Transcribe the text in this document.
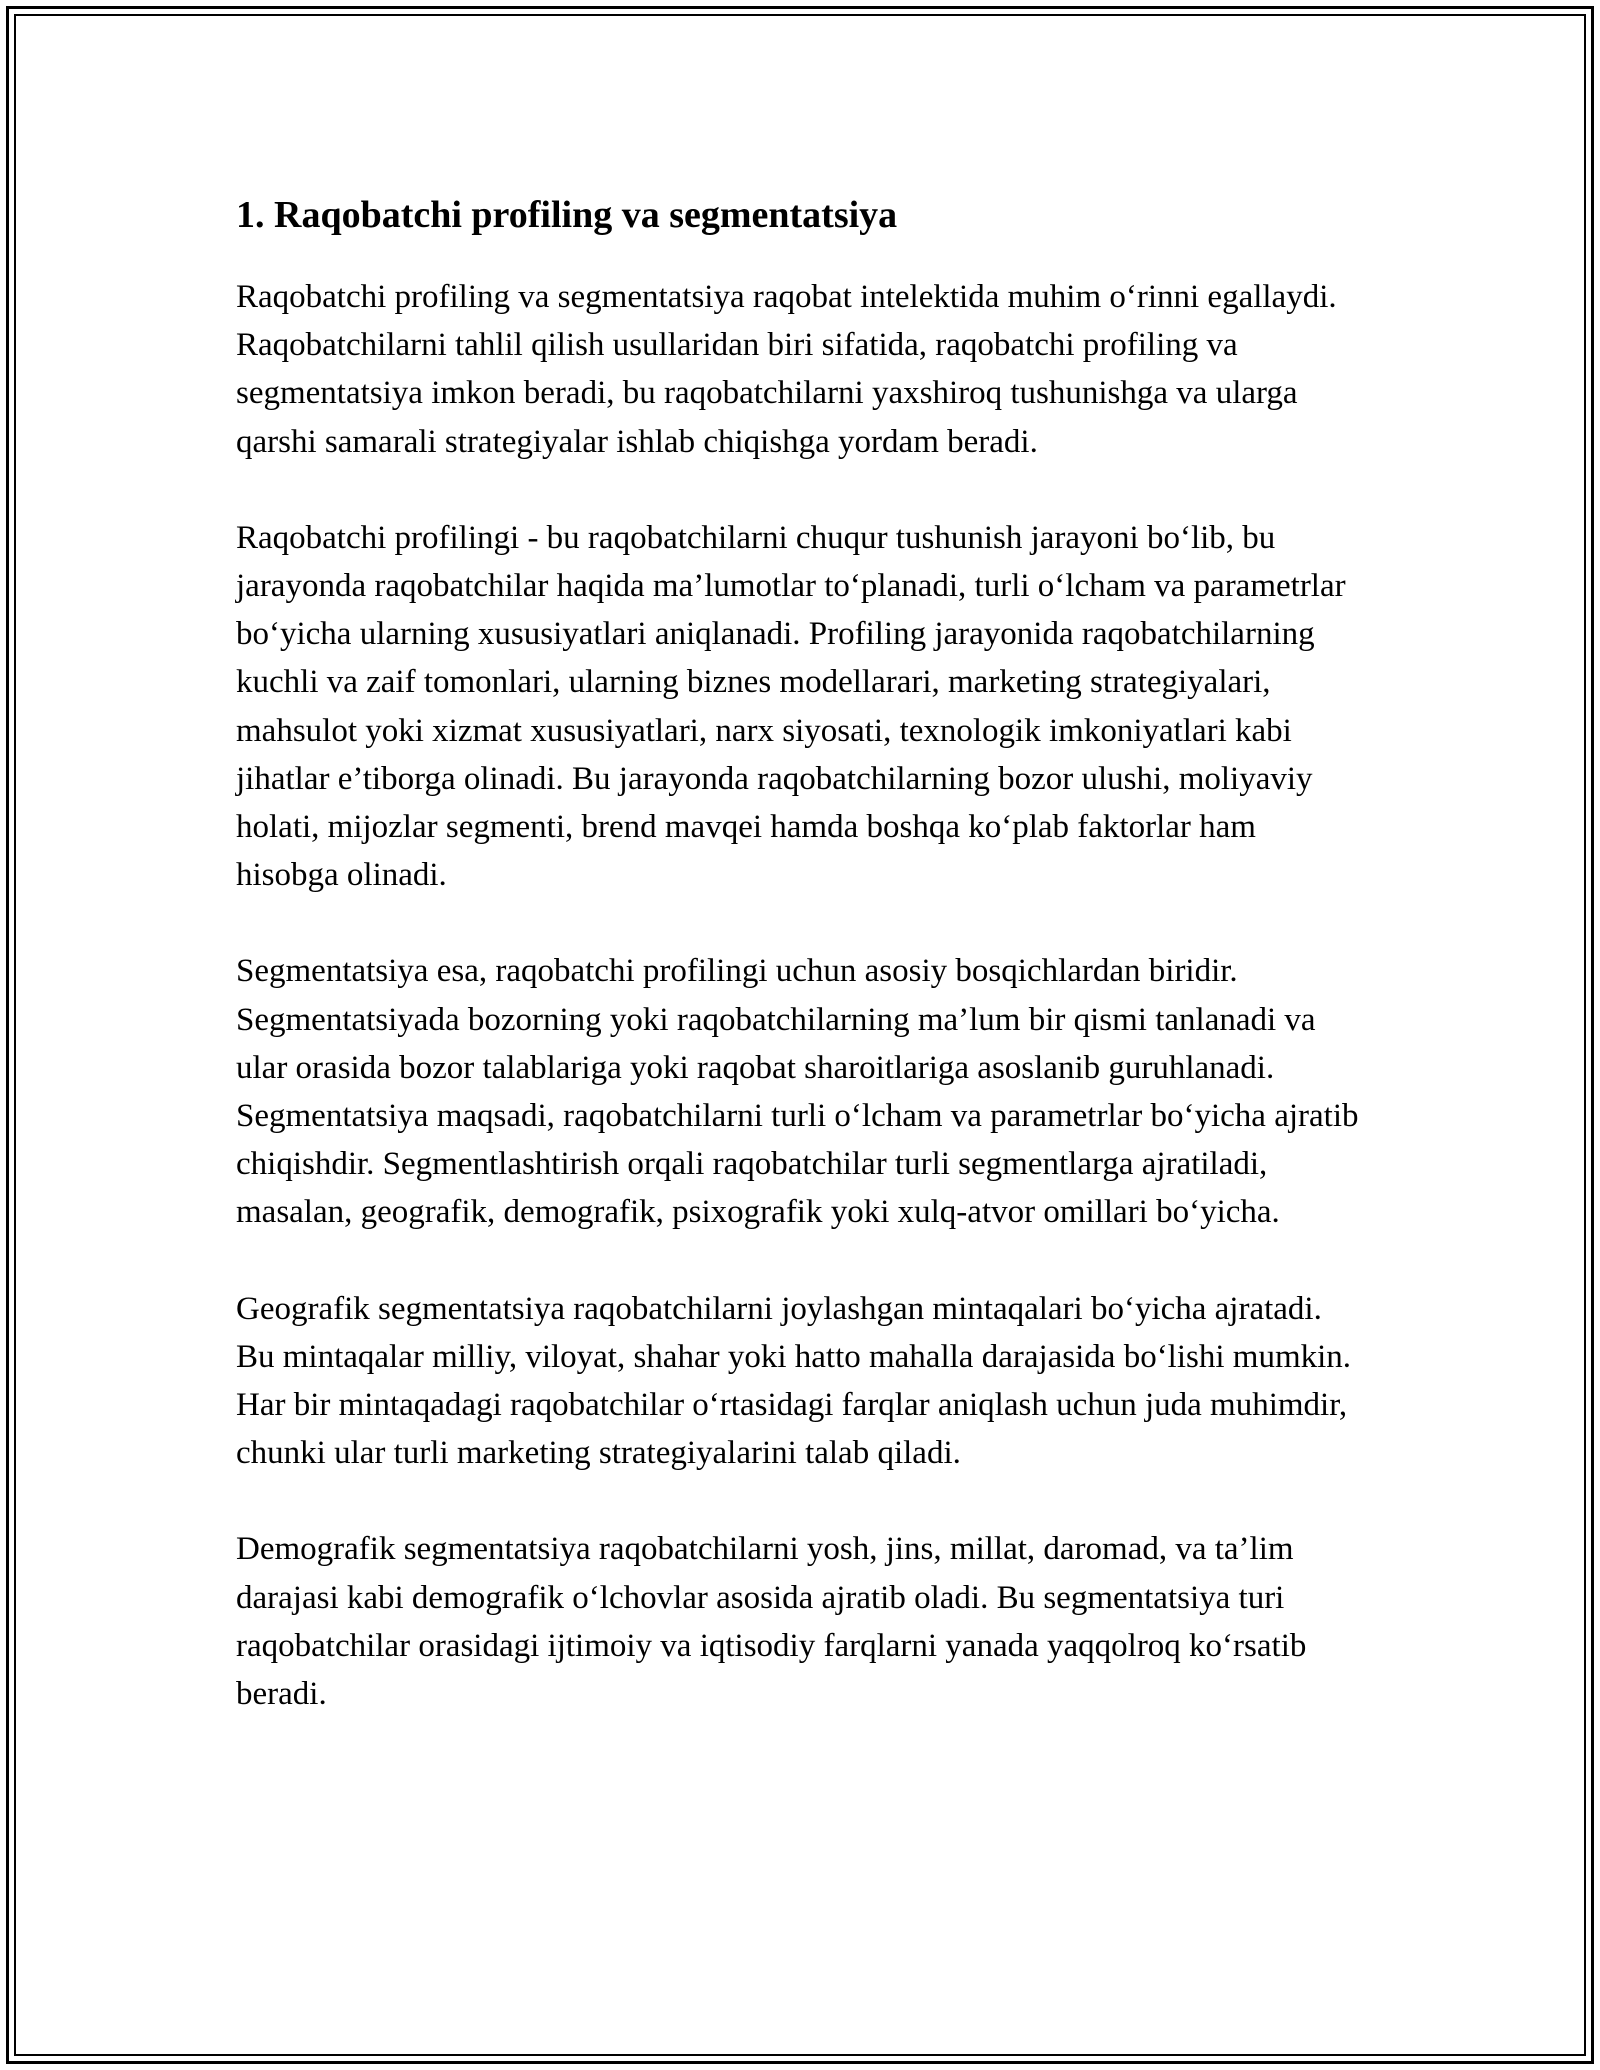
1. Raqobatchi profiling va segmentatsiya

Raqobatchi profiling va segmentatsiya raqobat intelektida muhim o‘rinni egallaydi. Raqobatchilarni tahlil qilish usullaridan biri sifatida, raqobatchi profiling va segmentatsiya imkon beradi, bu raqobatchilarni yaxshiroq tushunishga va ularga qarshi samarali strategiyalar ishlab chiqishga yordam beradi.

Raqobatchi profilingi - bu raqobatchilarni chuqur tushunish jarayoni bo‘lib, bu jarayonda raqobatchilar haqida ma’lumotlar to‘planadi, turli o‘lcham va parametrlar bo‘yicha ularning xususiyatlari aniqlanadi. Profiling jarayonida raqobatchilarning kuchli va zaif tomonlari, ularning biznes modellarari, marketing strategiyalari, mahsulot yoki xizmat xususiyatlari, narx siyosati, texnologik imkoniyatlari kabi jihatlar e’tiborga olinadi. Bu jarayonda raqobatchilarning bozor ulushi, moliyaviy holati, mijozlar segmenti, brend mavqei hamda boshqa ko‘plab faktorlar ham hisobga olinadi.

Segmentatsiya esa, raqobatchi profilingi uchun asosiy bosqichlardan biridir. Segmentatsiyada bozorning yoki raqobatchilarning ma’lum bir qismi tanlanadi va ular orasida bozor talablariga yoki raqobat sharoitlariga asoslanib guruhlanadi. Segmentatsiya maqsadi, raqobatchilarni turli o‘lcham va parametrlar bo‘yicha ajratib chiqishdir. Segmentlashtirish orqali raqobatchilar turli segmentlarga ajratiladi, masalan, geografik, demografik, psixografik yoki xulq-atvor omillari bo‘yicha.

Geografik segmentatsiya raqobatchilarni joylashgan mintaqalari bo‘yicha ajratadi. Bu mintaqalar milliy, viloyat, shahar yoki hatto mahalla darajasida bo‘lishi mumkin. Har bir mintaqadagi raqobatchilar o‘rtasidagi farqlar aniqlash uchun juda muhimdir, chunki ular turli marketing strategiyalarini talab qiladi.

Demografik segmentatsiya raqobatchilarni yosh, jins, millat, daromad, va ta’lim darajasi kabi demografik o‘lchovlar asosida ajratib oladi. Bu segmentatsiya turi raqobatchilar orasidagi ijtimoiy va iqtisodiy farqlarni yanada yaqqolroq ko‘rsatib beradi.
